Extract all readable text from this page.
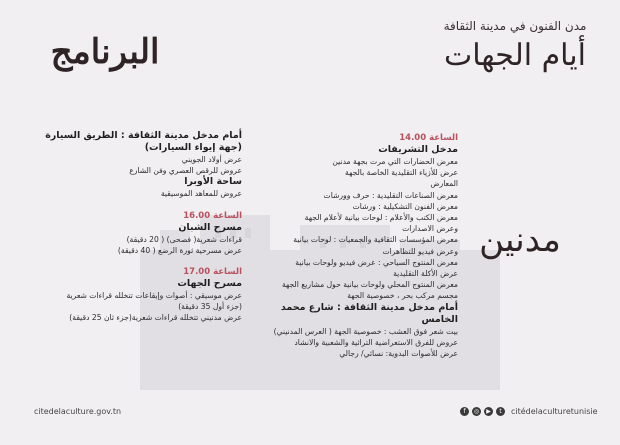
البرنامج
مدن الفنون في مدينة الثقافة
أيام الجهات
مدنين
الساعة 14.00
مدخل التشريفات
معرض الحضارات التي مرت بجهة مدنين
عرض للأزياء التقليدية الخاصة بالجهة
المعارض
معرض الصناعات التقليدية : حرف وورشات
معرض الفنون التشكيلية : ورشات
معرض الكتب والأعلام : لوحات بيانية لأعلام الجهة
وعرض الاصدارات
معرض المؤسسات الثقافية والجمعيات : لوحات بيانية
وعرض فيديو للتظاهرات
معرض المنتوج السياحي : عرض فيديو ولوحات بيانية
عرض الأكلة التقليدية
معرض المنتوج المحلي ولوحات بيانية حول مشاريع الجهة
مجسم مركب بحر ، خصوصية الجهة
أمام مدخل مدينة الثقافة : شارع محمد الخامس
بيت شعر فوق العشب : خصوصية الجهة ( العرس المدنيني)
عروض للفرق الاستعراضية التراثية والشعبية والانشاد
عرض للأصوات البدوية: نسائي/ رجالي
أمام مدخل مدينة الثقافة : الطريق السيارة (جهة إيواء السيارات)
عرض أولاد الجويني
عروض للرقص العصري وفن الشارع
ساحة الأوبرا
عروض للمعاهد الموسيقية
الساعة 16.00
مسرح الشبان
قراءات شعرية( فصحى) ( 20 دقيقة)
عرض مسرحية ثورة الرضع ( 40 دقيقة)
الساعة 17.00
مسرح الجهات
عرض موسيقي : أصوات وإيقاعات تتخلله قراءات شعرية
(جزء أول 35 دقيقة)
عرض مدنيني تتخلله قراءات شعرية(جزء ثان 25 دقيقة)
citedelaculture.gov.tn	f	◎	▶	t	citédelaculturetunisie
